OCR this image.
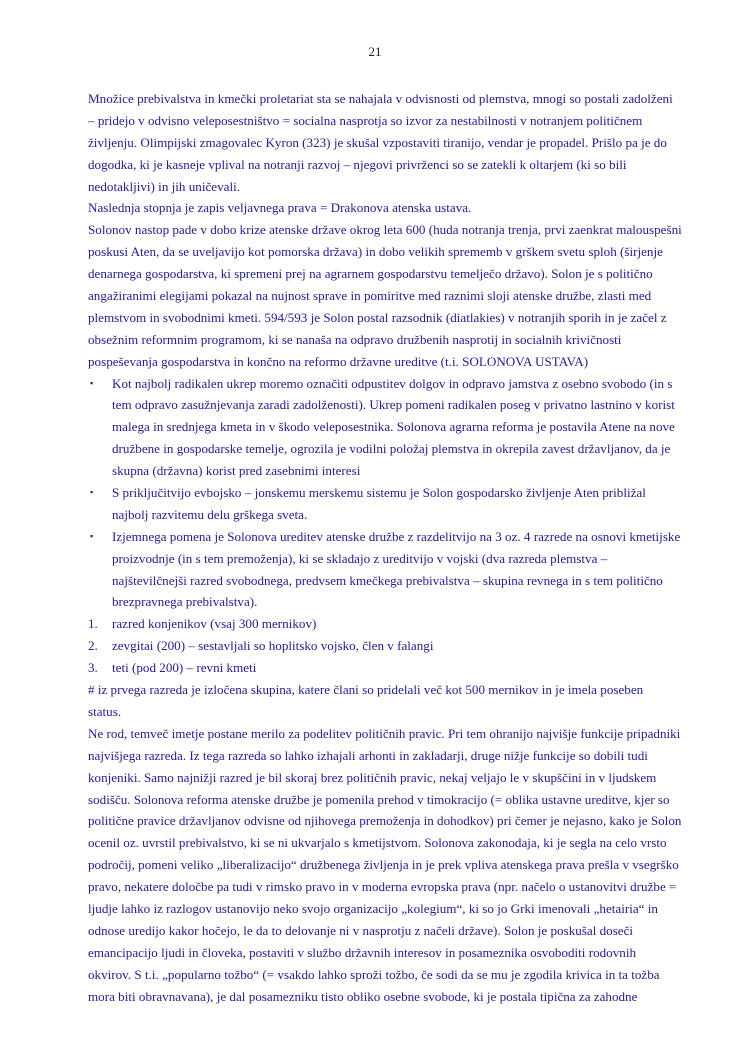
21
Množice prebivalstva in kmečki proletariat sta se nahajala v odvisnosti od plemstva, mnogi so postali zadolženi
– pridejo v odvisno veleposestništvo = socialna nasprotja so izvor za nestabilnosti v notranjem političnem
življenju. Olimpijski zmagovalec Kyron (323) je skušal vzpostaviti tiranijo, vendar je propadel. Prišlo pa je do
dogodka, ki je kasneje vplival na notranji razvoj – njegovi privrženci so se zatekli k oltarjem (ki so bili
nedotakljivi) in jih uničevali.
Naslednja stopnja je zapis veljavnega prava = Drakonova atenska ustava.
Solonov nastop pade v dobo krize atenske države okrog leta 600 (huda notranja trenja, prvi zaenkrat malouspešni
poskusi Aten, da se uveljavijo kot pomorska država) in dobo velikih sprememb v grškem svetu sploh (širjenje
denarnega gospodarstva, ki spremeni prej na agrarnem gospodarstvu temelječo državo). Solon je s politično
angažiranimi elegijami pokazal na nujnost sprave in pomiritve med raznimi sloji atenske družbe, zlasti med
plemstvom in svobodnimi kmeti. 594/593 je Solon postal razsodnik (diatlakies) v notranjih sporih in je začel z
obsežnim reformnim programom, ki se nanaša na odpravo družbenih nasprotij in socialnih krivičnosti
pospeševanja gospodarstva in končno na reformo državne ureditve (t.i. SOLONOVA USTAVA)
▪ Kot najbolj radikalen ukrep moremo označiti odpustitev dolgov in odpravo jamstva z osebno svobodo (in s
tem odpravo zasužnjevanja zaradi zadolženosti). Ukrep pomeni radikalen poseg v privatno lastnino v korist
malega in srednjega kmeta in v škodo veleposestnika. Solonova agrarna reforma je postavila Atene na nove
družbene in gospodarske temelje, ogrozila je vodilni položaj plemstva in okrepila zavest državljanov, da je
skupna (državna) korist pred zasebnimi interesi
▪ S priključitvijo evbojsko – jonskemu merskemu sistemu je Solon gospodarsko življenje Aten približal
najbolj razvitemu delu grškega sveta.
▪ Izjemnega pomena je Solonova ureditev atenske družbe z razdelitvijo na 3 oz. 4 razrede na osnovi kmetijske
proizvodnje (in s tem premoženja), ki se skladajo z ureditvijo v vojski (dva razreda plemstva –
najštevilčnejši razred svobodnega, predvsem kmečkega prebivalstva – skupina revnega in s tem politično
brezpravnega prebivalstva).
1. razred konjenikov (vsaj 300 mernikov)
2. zevgitai (200) – sestavljali so hoplitsko vojsko, člen v falangi
3. teti (pod 200) – revni kmeti
# iz prvega razreda je izločena skupina, katere člani so pridelali več kot 500 mernikov in je imela poseben
status.
Ne rod, temveč imetje postane merilo za podelitev političnih pravic. Pri tem ohranijo najvišje funkcije pripadniki
najvišjega razreda. Iz tega razreda so lahko izhajali arhonti in zakladarji, druge nižje funkcije so dobili tudi
konjeniki. Samo najnižji razred je bil skoraj brez političnih pravic, nekaj veljajo le v skupščini in v ljudskem
sodišču. Solonova reforma atenske družbe je pomenila prehod v timokracijo (= oblika ustavne ureditve, kjer so
politične pravice državljanov odvisne od njihovega premoženja in dohodkov) pri čemer je nejasno, kako je Solon
ocenil oz. uvrstil prebivalstvo, ki se ni ukvarjalo s kmetijstvom. Solonova zakonodaja, ki je segla na celo vrsto
področij, pomeni veliko „liberalizacijo“ družbenega življenja in je prek vpliva atenskega prava prešla v vsegrško
pravo, nekatere določbe pa tudi v rimsko pravo in v moderna evropska prava (npr. načelo o ustanovitvi družbe =
ljudje lahko iz razlogov ustanovijo neko svojo organizacijo „kolegium“, ki so jo Grki imenovali „hetairia“ in
odnose uredijo kakor hočejo, le da to delovanje ni v nasprotju z načeli države). Solon je poskušal doseči
emancipacijo ljudi in človeka, postaviti v službo državnih interesov in posameznika osvoboditi rodovnih
okvirov. S t.i. „popularno tožbo“ (= vsakdo lahko sproži tožbo, če sodi da se mu je zgodila krivica in ta tožba
mora biti obravnavana), je dal posamezniku tisto obliko osebne svobode, ki je postala tipična za zahodne
